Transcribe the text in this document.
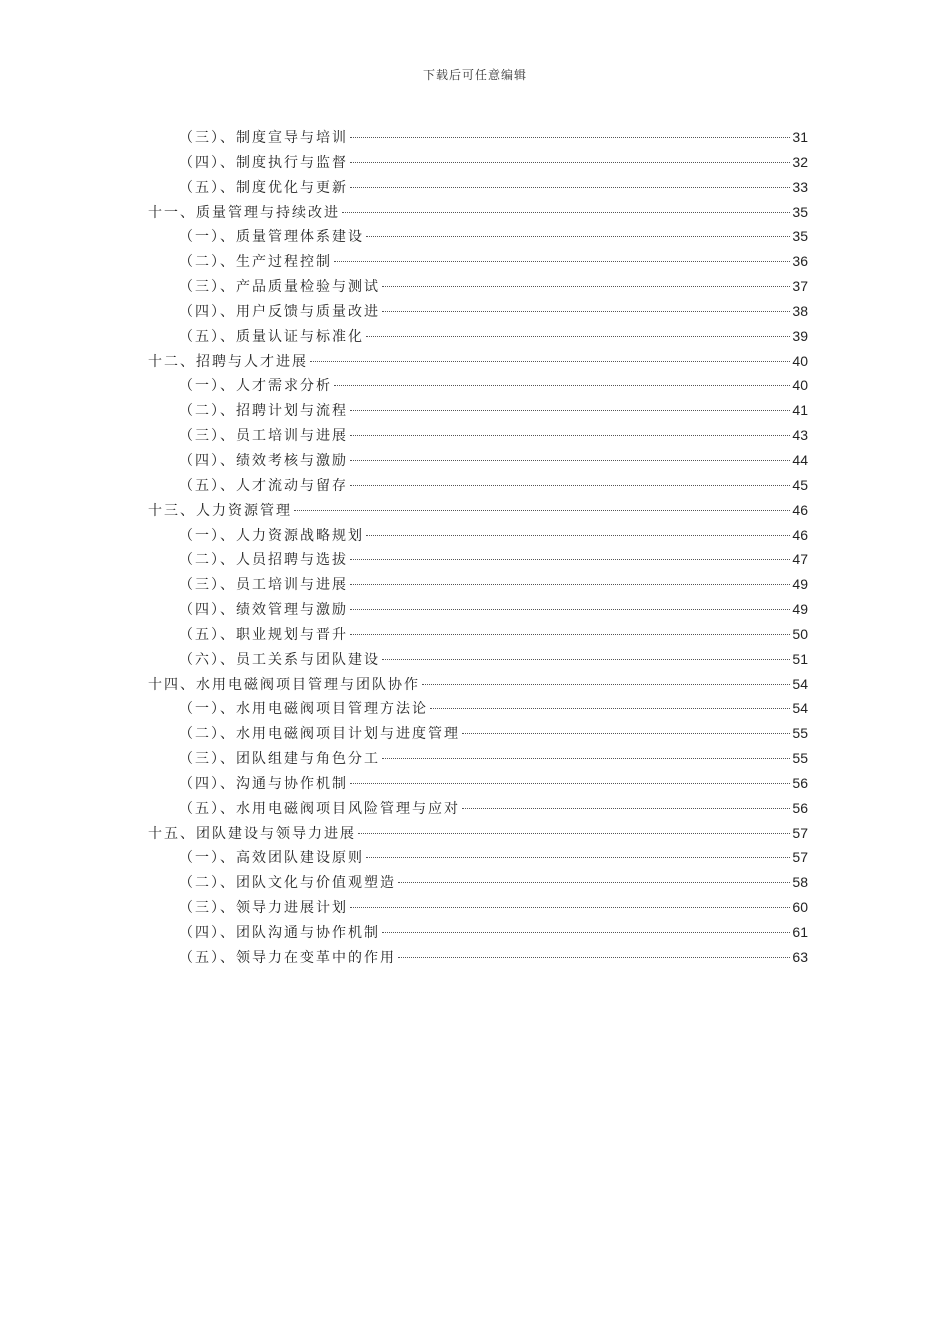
下载后可任意编辑
（三）、制度宣导与培训	31
（四）、制度执行与监督	32
（五）、制度优化与更新	33
十一、质量管理与持续改进	35
（一）、质量管理体系建设	35
（二）、生产过程控制	36
（三）、产品质量检验与测试	37
（四）、用户反馈与质量改进	38
（五）、质量认证与标准化	39
十二、招聘与人才进展	40
（一）、人才需求分析	40
（二）、招聘计划与流程	41
（三）、员工培训与进展	43
（四）、绩效考核与激励	44
（五）、人才流动与留存	45
十三、人力资源管理	46
（一）、人力资源战略规划	46
（二）、人员招聘与选拔	47
（三）、员工培训与进展	49
（四）、绩效管理与激励	49
（五）、职业规划与晋升	50
（六）、员工关系与团队建设	51
十四、水用电磁阀项目管理与团队协作	54
（一）、水用电磁阀项目管理方法论	54
（二）、水用电磁阀项目计划与进度管理	55
（三）、团队组建与角色分工	55
（四）、沟通与协作机制	56
（五）、水用电磁阀项目风险管理与应对	56
十五、团队建设与领导力进展	57
（一）、高效团队建设原则	57
（二）、团队文化与价值观塑造	58
（三）、领导力进展计划	60
（四）、团队沟通与协作机制	61
（五）、领导力在变革中的作用	63
